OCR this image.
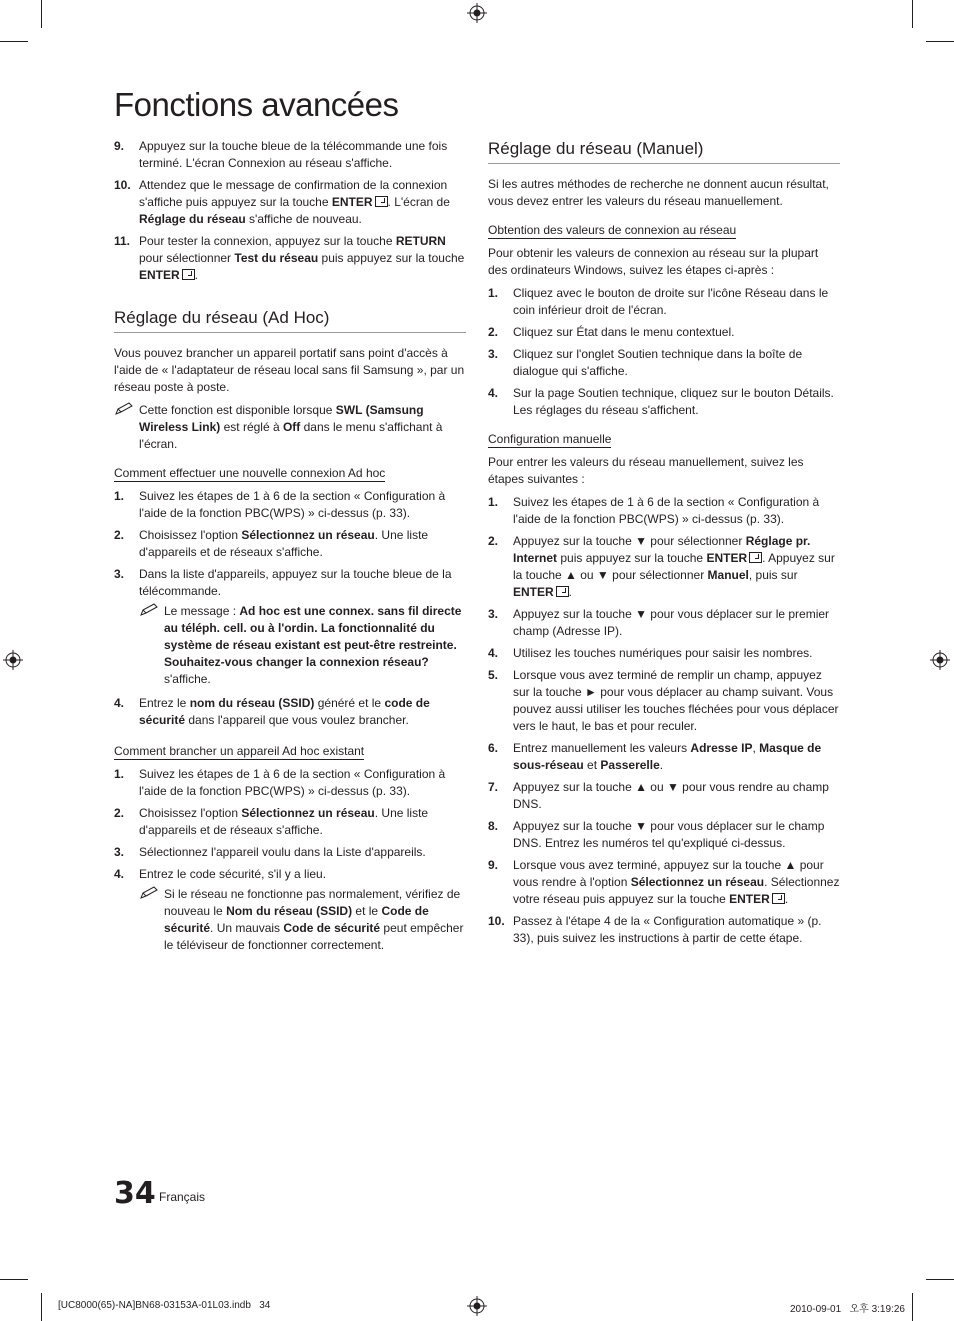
Fonctions avancées
9.	Appuyez sur la touche bleue de la télécommande une fois terminé. L'écran Connexion au réseau s'affiche.
10. Attendez que le message de confirmation de la connexion s'affiche puis appuyez sur la touche ENTER . L'écran de Réglage du réseau s'affiche de nouveau.
11. Pour tester la connexion, appuyez sur la touche RETURN pour sélectionner Test du réseau puis appuyez sur la touche ENTER .
Réglage du réseau (Ad Hoc)

Vous pouvez brancher un appareil portatif sans point d'accès à l'aide de « l'adaptateur de réseau local sans fil Samsung », par un réseau poste à poste.

Cette fonction est disponible lorsque SWL (Samsung Wireless Link) est réglé à Off dans le menu s'affichant à l'écran.
Comment effectuer une nouvelle connexion Ad hoc
1.	Suivez les étapes de 1 à 6 de la section « Configuration à l'aide de la fonction PBC(WPS) » ci-dessus (p. 33).
2.	Choisissez l'option Sélectionnez un réseau. Une liste d'appareils et de réseaux s'affiche.
3.	Dans la liste d'appareils, appuyez sur la touche bleue de la télécommande.
Le message : Ad hoc est une connex. sans fil directe au téléph. cell. ou à l'ordin. La fonctionnalité du système de réseau existant est peut-être restreinte. Souhaitez-vous changer la connexion réseau? s'affiche.
4.	Entrez le nom du réseau (SSID) généré et le code de sécurité dans l'appareil que vous voulez brancher.
Comment brancher un appareil Ad hoc existant
1.	Suivez les étapes de 1 à 6 de la section « Configuration à l'aide de la fonction PBC(WPS) » ci-dessus (p. 33).
2.	Choisissez l'option Sélectionnez un réseau. Une liste d'appareils et de réseaux s'affiche.
3.	Sélectionnez l'appareil voulu dans la Liste d'appareils.
4.	Entrez le code sécurité, s'il y a lieu.
Si le réseau ne fonctionne pas normalement, vérifiez de nouveau le Nom du réseau (SSID) et le Code de sécurité. Un mauvais Code de sécurité peut empêcher le téléviseur de fonctionner correctement.
Réglage du réseau (Manuel)

Si les autres méthodes de recherche ne donnent aucun résultat, vous devez entrer les valeurs du réseau manuellement.

Obtention des valeurs de connexion au réseau

Pour obtenir les valeurs de connexion au réseau sur la plupart des ordinateurs Windows, suivez les étapes ci-après :

1.	Cliquez avec le bouton de droite sur l'icône Réseau dans le coin inférieur droit de l'écran.
2.	Cliquez sur État dans le menu contextuel.
3.	Cliquez sur l'onglet Soutien technique dans la boîte de dialogue qui s'affiche.
4.	Sur la page Soutien technique, cliquez sur le bouton Détails. Les réglages du réseau s'affichent.
Configuration manuelle

Pour entrer les valeurs du réseau manuellement, suivez les étapes suivantes :

1.	Suivez les étapes de 1 à 6 de la section « Configuration à l'aide de la fonction PBC(WPS) » ci-dessus (p. 33).
2.	Appuyez sur la touche ▼ pour sélectionner Réglage pr. Internet puis appuyez sur la touche ENTER . Appuyez sur la touche ▲ ou ▼ pour sélectionner Manuel, puis sur ENTER .
3.	Appuyez sur la touche ▼ pour vous déplacer sur le premier champ (Adresse IP).
4.	Utilisez les touches numériques pour saisir les nombres.
5.	Lorsque vous avez terminé de remplir un champ, appuyez sur la touche ► pour vous déplacer au champ suivant. Vous pouvez aussi utiliser les touches fléchées pour vous déplacer vers le haut, le bas et pour reculer.
6.	Entrez manuellement les valeurs Adresse IP, Masque de sous-réseau et Passerelle.
7.	Appuyez sur la touche ▲ ou ▼ pour vous rendre au champ DNS.
8.	Appuyez sur la touche ▼ pour vous déplacer sur le champ DNS. Entrez les numéros tel qu'expliqué ci-dessus.
9.	Lorsque vous avez terminé, appuyez sur la touche ▲ pour vous rendre à l'option Sélectionnez un réseau. Sélectionnez votre réseau puis appuyez sur la touche ENTER .
10. Passez à l'étape 4 de la « Configuration automatique » (p. 33), puis suivez les instructions à partir de cette étape.
34 Français
[UC8000(65)-NA]BN68-03153A-01L03.indb   34	2010-09-01   오후 3:19:26
